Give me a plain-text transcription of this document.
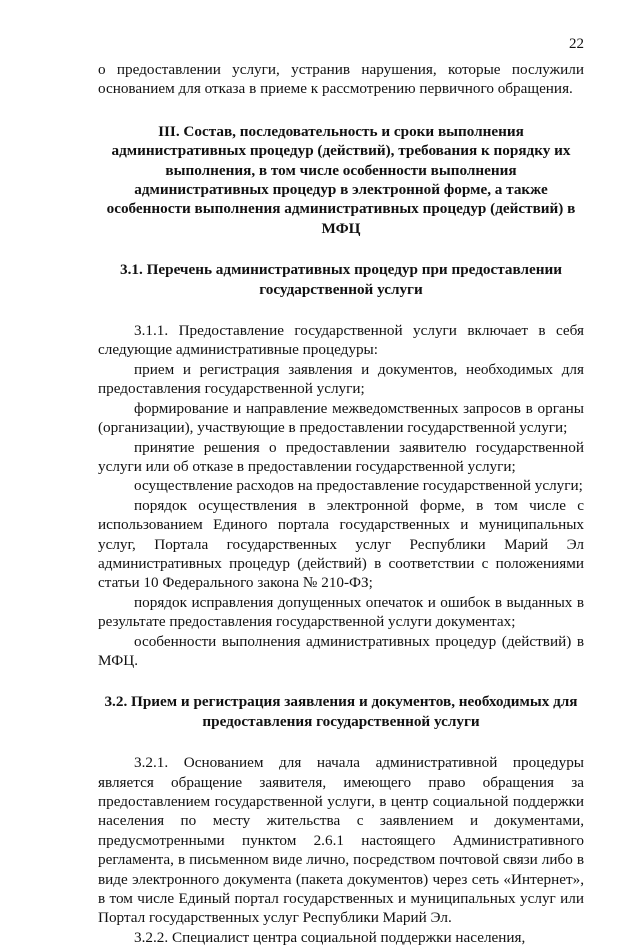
22

о предоставлении услуги, устранив нарушения, которые послужили основанием для отказа в приеме к рассмотрению первичного обращения.

III. Состав, последовательность и сроки выполнения административных процедур (действий), требования к порядку их выполнения, в том числе особенности выполнения административных процедур в электронной форме, а также особенности выполнения административных процедур (действий) в МФЦ

3.1. Перечень административных процедур при предоставлении государственной услуги

3.1.1. Предоставление государственной услуги включает в себя следующие административные процедуры:

прием и регистрация заявления и документов, необходимых для предоставления государственной услуги;

формирование и направление межведомственных запросов в органы (организации), участвующие в предоставлении государственной услуги;

принятие решения о предоставлении заявителю государственной услуги или об отказе в предоставлении государственной услуги;

осуществление расходов на предоставление государственной услуги;

порядок осуществления в электронной форме, в том числе с использованием Единого портала государственных и муниципальных услуг, Портала государственных услуг Республики Марий Эл административных процедур (действий) в соответствии с положениями статьи 10 Федерального закона № 210-ФЗ;

порядок исправления допущенных опечаток и ошибок в выданных в результате предоставления государственной услуги документах;

особенности выполнения административных процедур (действий) в МФЦ.

3.2. Прием и регистрация заявления и документов, необходимых для предоставления государственной услуги

3.2.1. Основанием для начала административной процедуры является обращение заявителя, имеющего право обращения за предоставлением государственной услуги, в центр социальной поддержки населения по месту жительства с заявлением и документами, предусмотренными пунктом 2.6.1 настоящего Административного регламента, в письменном виде лично, посредством почтовой связи либо в виде электронного документа (пакета документов) через сеть «Интернет», в том числе Единый портал государственных и муниципальных услуг или Портал государственных услуг Республики Марий Эл.

3.2.2. Специалист центра социальной поддержки населения,
